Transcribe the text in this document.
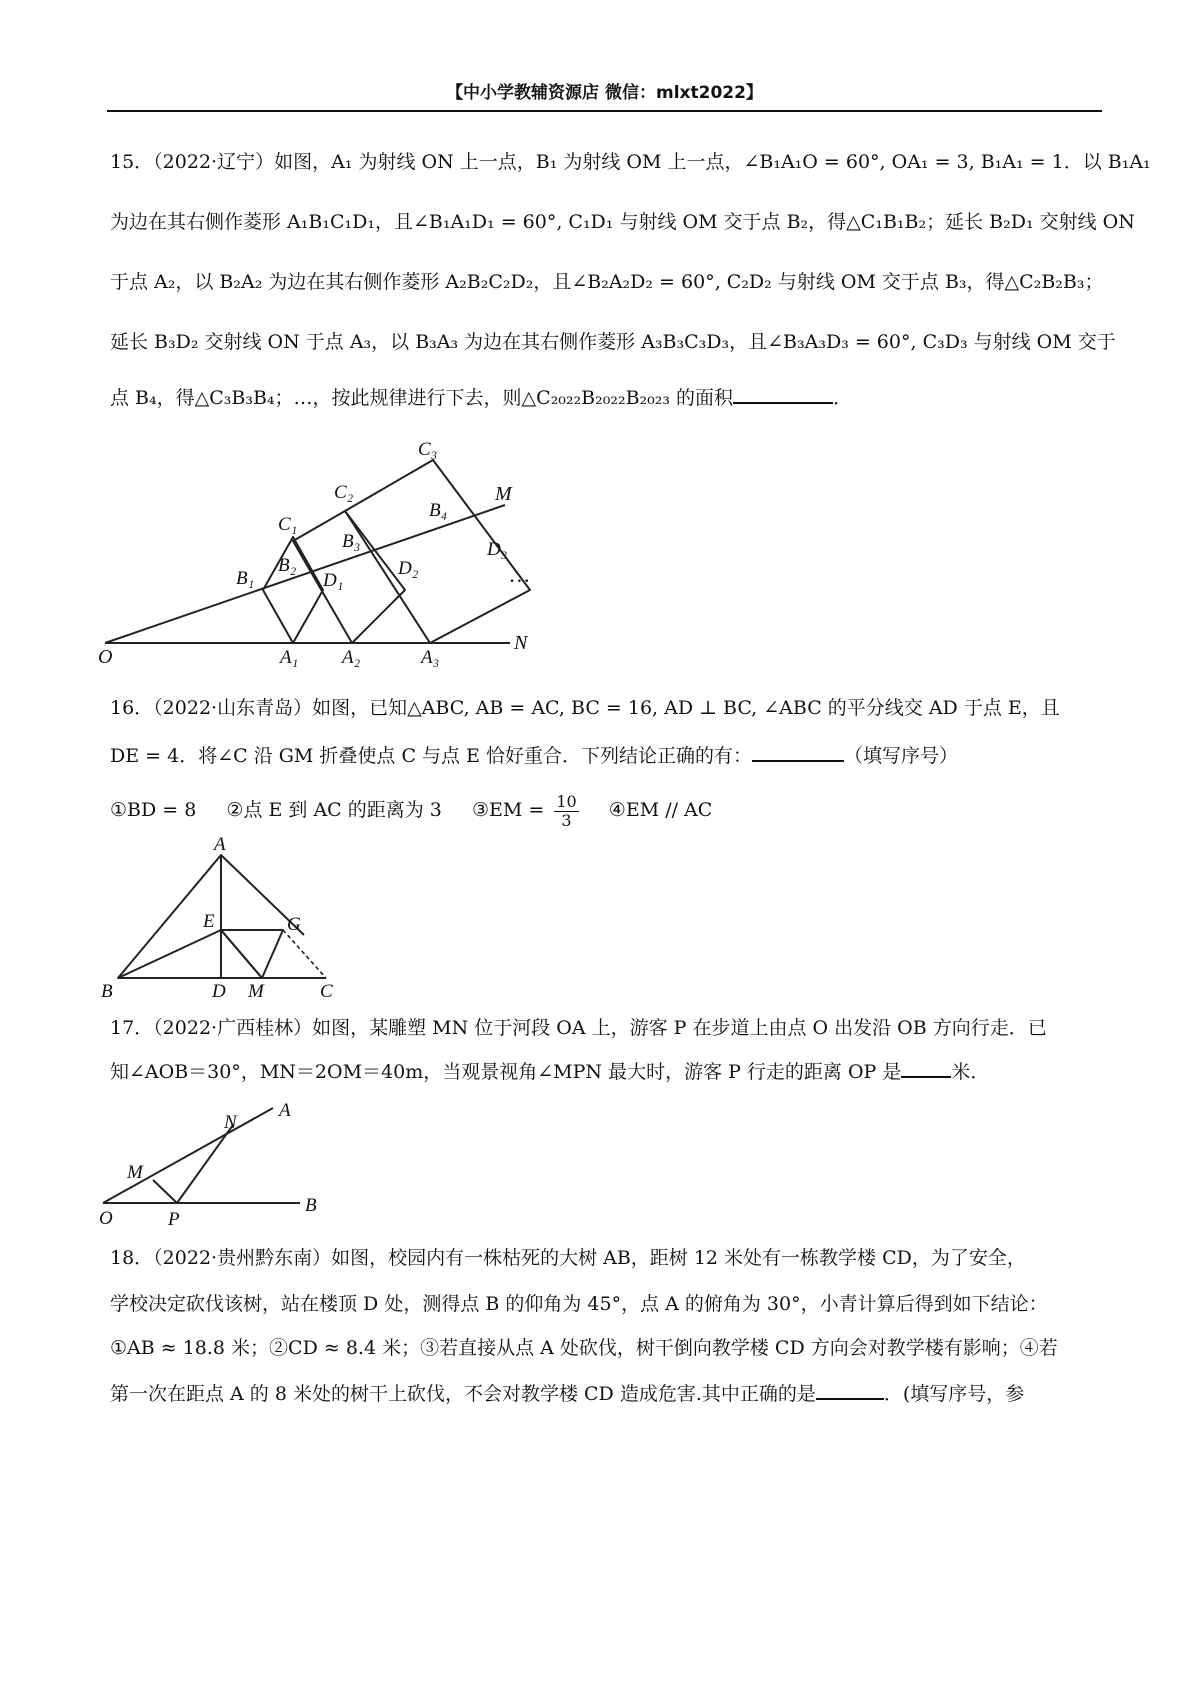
【中小学教辅资源店 微信：mlxt2022】
15．（2022·辽宁）如图，A₁ 为射线 ON 上一点，B₁ 为射线 OM 上一点，∠B₁A₁O = 60°, OA₁ = 3, B₁A₁ = 1．以 B₁A₁
为边在其右侧作菱形 A₁B₁C₁D₁，且∠B₁A₁D₁ = 60°, C₁D₁ 与射线 OM 交于点 B₂，得△C₁B₁B₂；延长 B₂D₁ 交射线 ON
于点 A₂，以 B₂A₂ 为边在其右侧作菱形 A₂B₂C₂D₂，且∠B₂A₂D₂ = 60°, C₂D₂ 与射线 OM 交于点 B₃，得△C₂B₂B₃；
延长 B₃D₂ 交射线 ON 于点 A₃，以 B₃A₃ 为边在其右侧作菱形 A₃B₃C₃D₃，且∠B₃A₃D₃ = 60°, C₃D₃ 与射线 OM 交于
点 B₄，得△C₃B₃B₄；…，按此规律进行下去，则△C₂₀₂₂B₂₀₂₂B₂₀₂₃ 的面积	．
O
N
M
A₁ A₂	A₃
B₁
B₂
B₃
B₄
C₁
C₂
C₃
D₁
D₂
D₃
…
16．（2022·山东青岛）如图，已知△ABC, AB = AC, BC = 16, AD ⊥ BC, ∠ABC 的平分线交 AD 于点 E，且
DE = 4．将∠C 沿 GM 折叠使点 C 与点 E 恰好重合．下列结论正确的有：	（填写序号）
①BD = 8 ②点 E 到 AC 的距离为 3 ③EM = $\frac{10}{3}$ ④EM // AC
A
B	C
D
E	G
M
17．（2022·广西桂林）如图，某雕塑 MN 位于河段 OA 上，游客 P 在步道上由点 O 出发沿 OB 方向行走．已
知∠AOB＝30°，MN＝2OM＝40m，当观景视角∠MPN 最大时，游客 P 行走的距离 OP 是	米．
O
A
B
M
N
P
18．（2022·贵州黔东南）如图，校园内有一株枯死的大树 AB，距树 12 米处有一栋教学楼 CD，为了安全，
学校决定砍伐该树，站在楼顶 D 处，测得点 B 的仰角为 45°，点 A 的俯角为 30°，小青计算后得到如下结论：
①AB ≈ 18.8 米；②CD ≈ 8.4 米；③若直接从点 A 处砍伐，树干倒向教学楼 CD 方向会对教学楼有影响；④若
第一次在距点 A 的 8 米处的树干上砍伐，不会对教学楼 CD 造成危害.其中正确的是	．(填写序号，参
